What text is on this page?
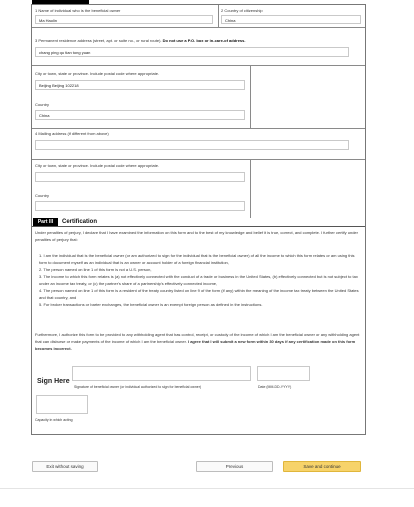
1 Name of individual who is the beneficial owner
Ma Haolin
2 Country of citizenship
China
3 Permanent residence address (street, apt. or suite no., or rural route). Do not use a P.O. box or in-care-of address.
chang ping qu tian tong yuan
City or town, state or province. Include postal code where appropriate.
Beijing Beijing 102218
Country
China
4 Mailing address (if different from above)
City or town, state or province. Include postal code where appropriate.
Country
Part III	Certification
Under penalties of perjury, I declare that I have examined the information on this form and to the best of my knowledge and belief it is true, correct, and complete. I further certify under penalties of perjury that:

1. I am the individual that is the beneficial owner (or am authorized to sign for the individual that is the beneficial owner) of all the income to which this form relates or am using this form to document myself as an individual that is an owner or account holder of a foreign financial institution,

2. The person named on line 1 of this form is not a U.S. person,

3. The income to which this form relates is (a) not effectively connected with the conduct of a trade or business in the United States, (b) effectively connected but is not subject to tax under an income tax treaty, or (c) the partner's share of a partnership's effectively connected income,

4. The person named on line 1 of this form is a resident of the treaty country listed on line 9 of the form (if any) within the meaning of the income tax treaty between the United States and that country, and

5. For broker transactions or barter exchanges, the beneficial owner is an exempt foreign person as defined in the instructions.

Furthermore, I authorize this form to be provided to any withholding agent that has control, receipt, or custody of the income of which I am the beneficial owner or any withholding agent that can disburse or make payments of the income of which I am the beneficial owner. I agree that I will submit a new form within 30 days if any certification made on this form becomes incorrect.
Sign Here
Signature of beneficial owner (or individual authorized to sign for beneficial owner)	Date (MM-DD-YYYY)
Capacity in which acting
Exit without saving	Previous	Save and continue
